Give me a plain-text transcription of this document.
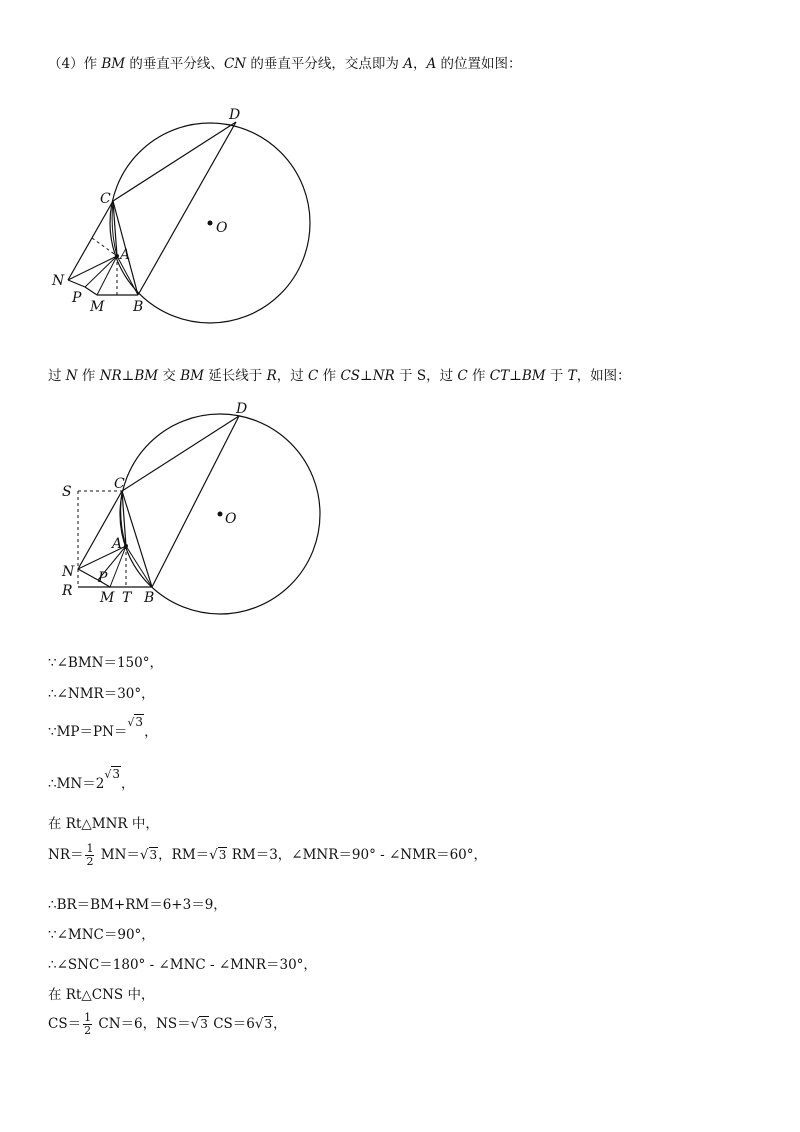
（4）作 BM 的垂直平分线、CN 的垂直平分线，交点即为 A，A 的位置如图：
D
C
O
A
N
P
M B
过 N 作 NR⊥BM 交 BM 延长线于 R，过 C 作 CS⊥NR 于 S，过 C 作 CT⊥BM 于 T，如图：
D
S	C
O
A
N P
R M T B
∵∠BMN＝150°，
∴∠NMR＝30°，
∵MP＝PN＝$^{√3}$，
$\therefore MN=2^{√3}$，
在 Rt△MNR 中，
$NR= \frac{1}{2} MN=√3$，RM＝√3 RM＝3，∠MNR＝90° - ∠NMR＝60°，
∴BR＝BM+RM＝6+3＝9，
∵∠MNC＝90°，
∴∠SNC＝180° - ∠MNC - ∠MNR＝30°，
在 Rt△CNS 中，
$CS= \frac{1}{2} CN=6$，NS＝√3 CS＝6√3，
